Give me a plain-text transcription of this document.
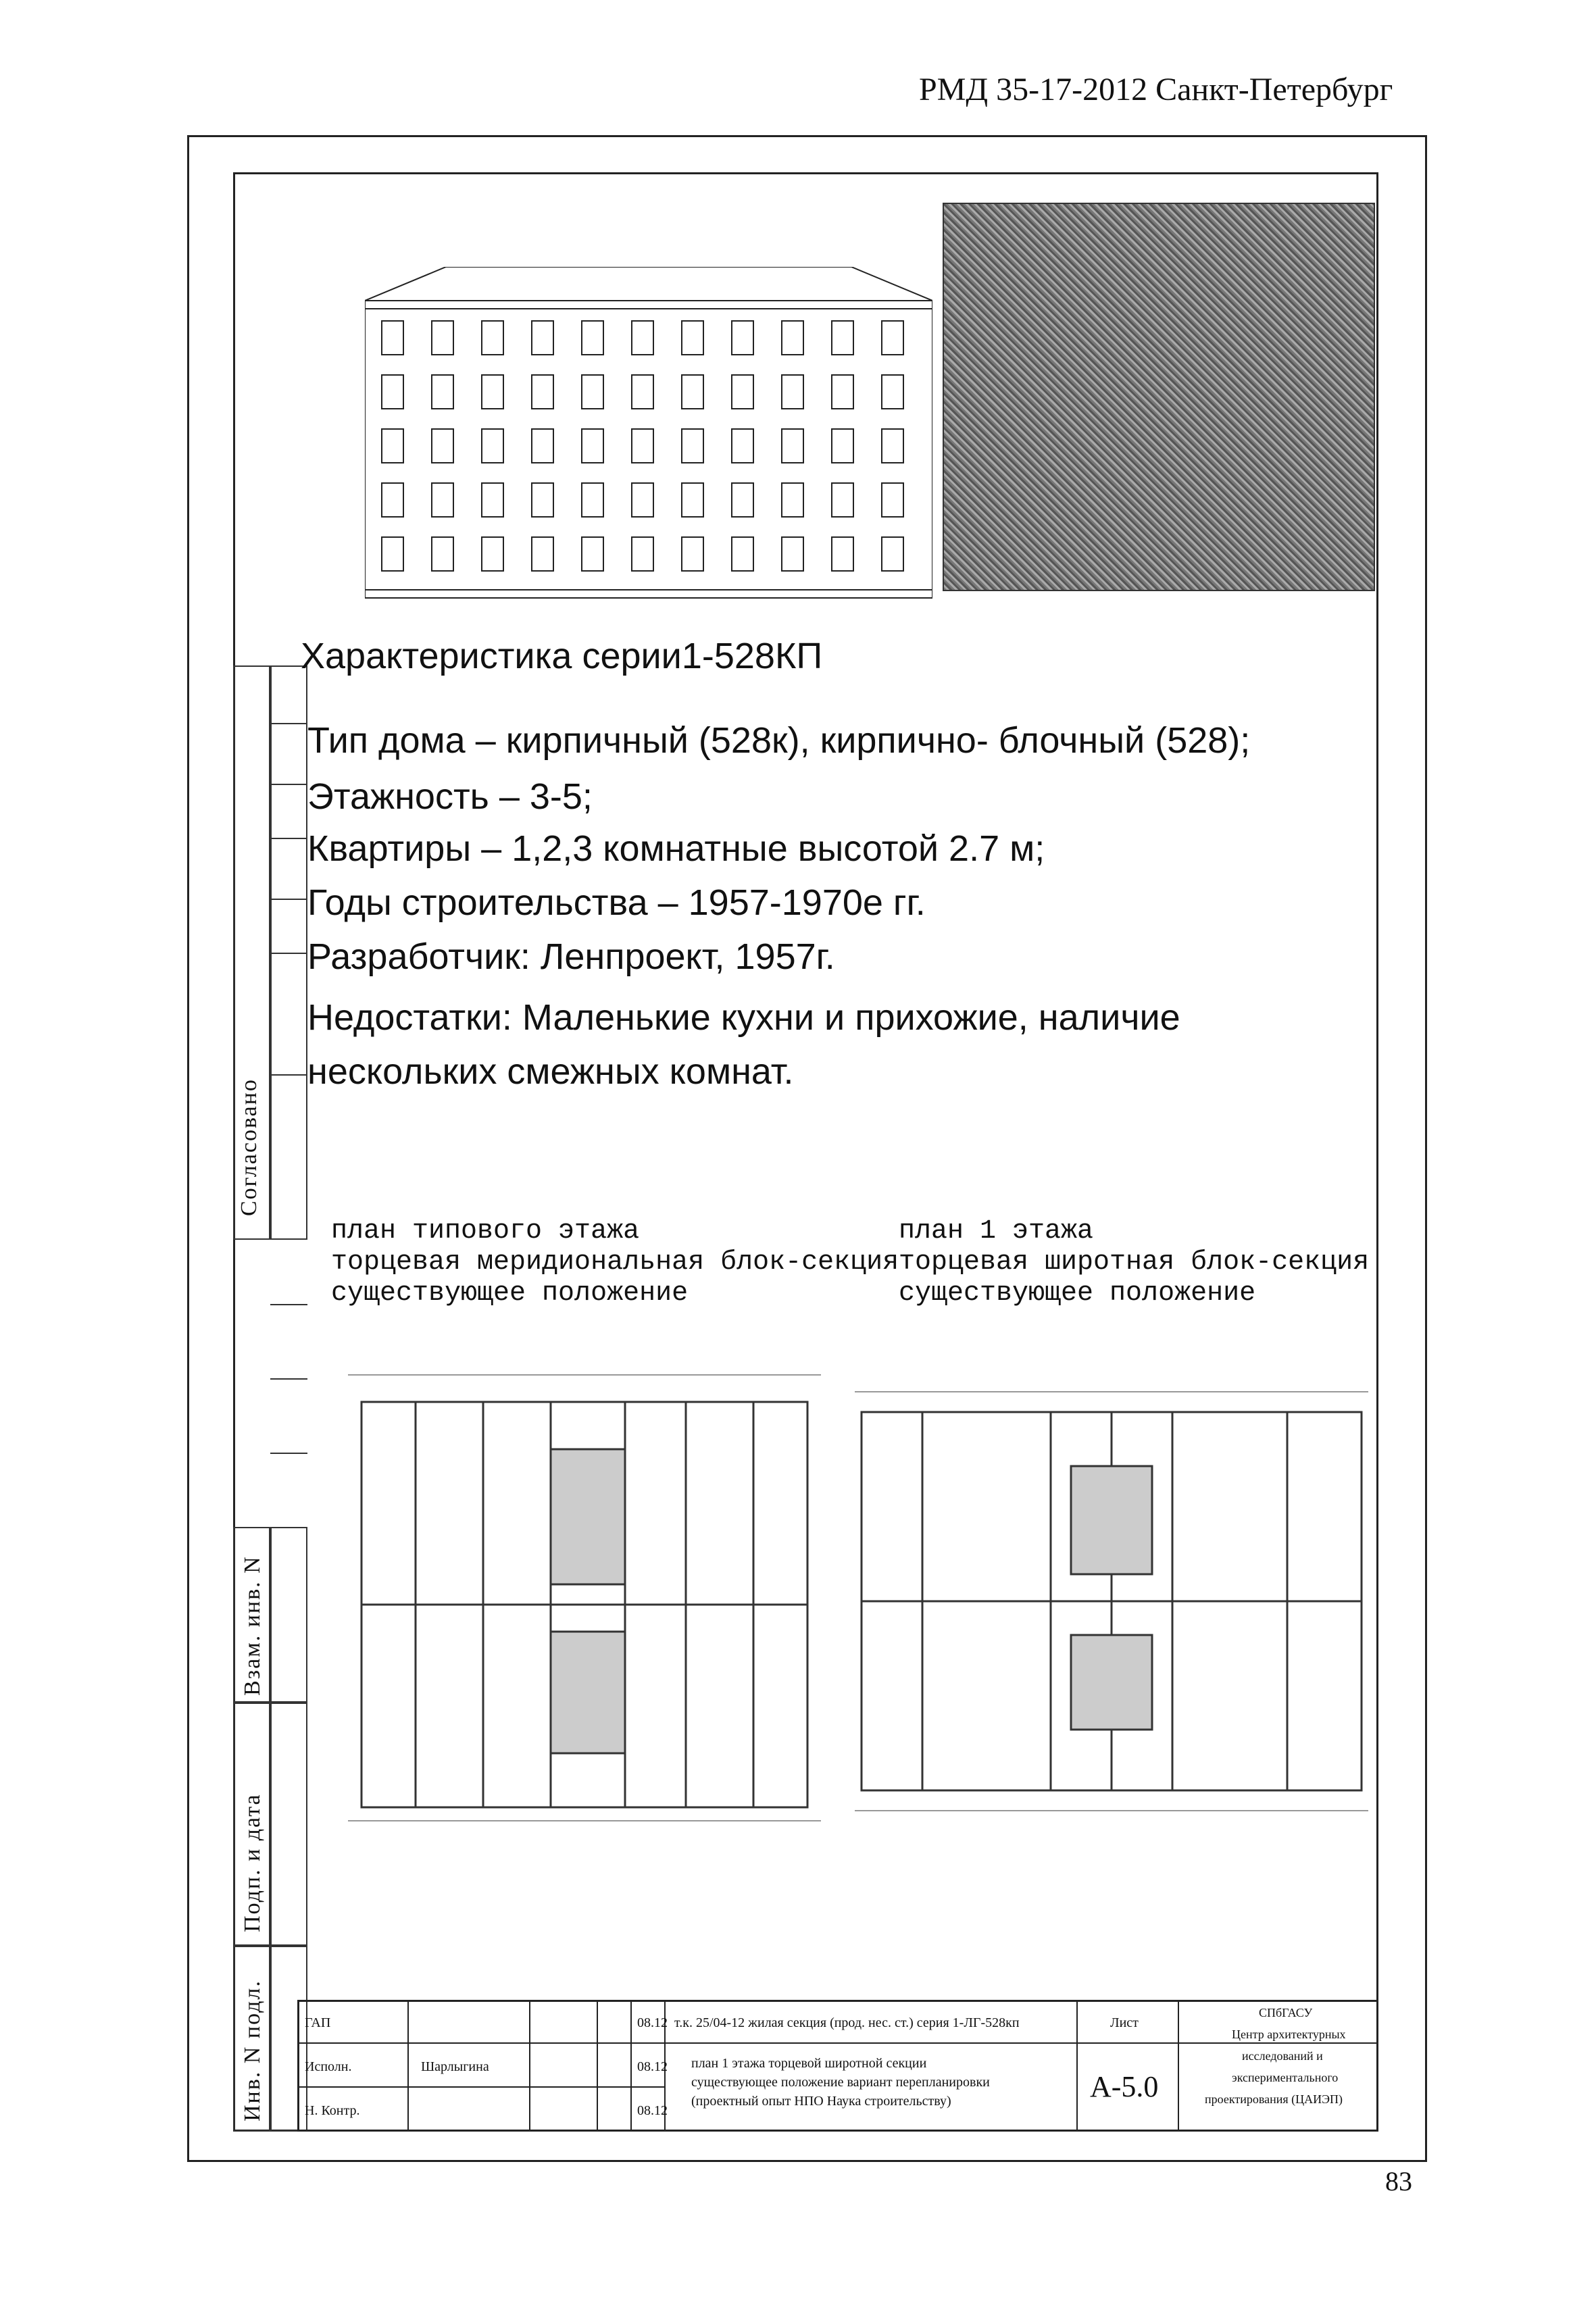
РМД 35-17-2012 Санкт-Петербург
Согласовано
Взам. инв. N
Подп. и дата
Инв. N подл.
Характеристика серии1-528КП
Тип дома – кирпичный (528к), кирпично- блочный (528);
Этажность – 3-5;
Квартиры – 1,2,3 комнатные высотой 2.7 м;
Годы строительства – 1957-1970е гг.
Разработчик: Ленпроект, 1957г.
Недостатки: Маленькие кухни и прихожие, наличие
нескольких смежных комнат.
план типового этажа
торцевая меридиональная блок-секция
существующее положение
план 1 этажа
торцевая широтная блок-секция
существующее положение
ГАП	08.12
Исполн.	Шарлыгина	08.12
Н. Контр.	08.12
т.к. 25/04-12 жилая секция (прод. нес. ст.) серия 1-ЛГ-528кп
план 1 этажа торцевой широтной секции
существующее положение вариант перепланировки
(проектный опыт НПО Наука строительству)
Лист
А-5.0
СПбГАСУ
Центр архитектурных
исследований и
экспериментального
проектирования (ЦАИЭП)
83
